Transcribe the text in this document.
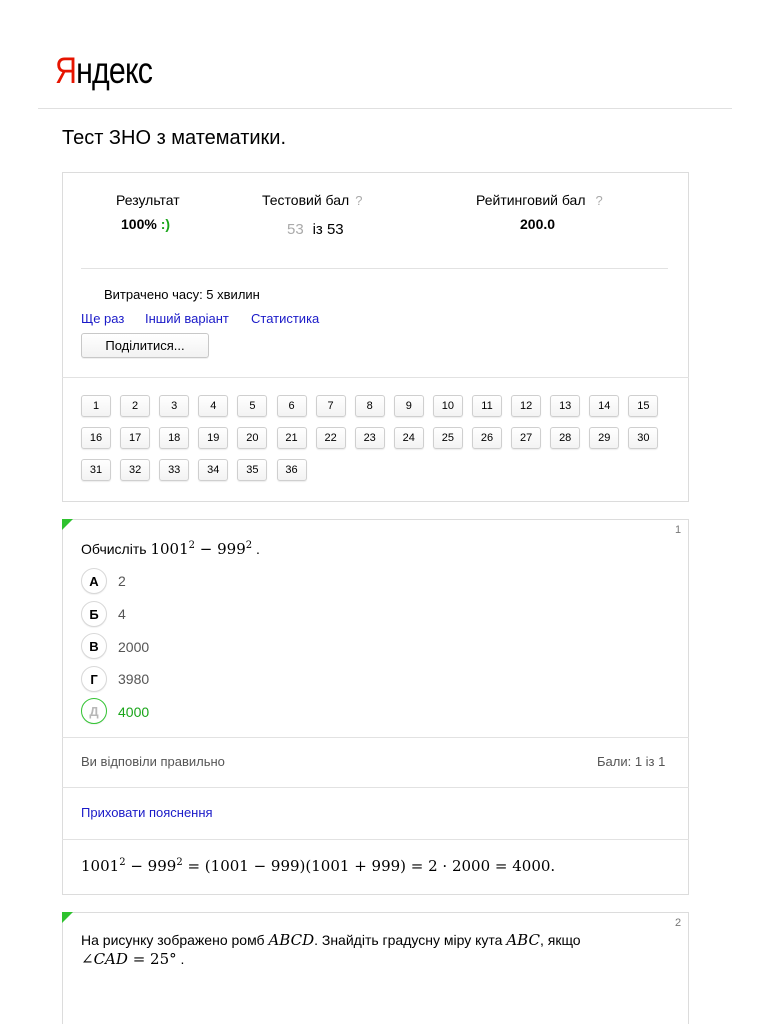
Яндекс
Тест ЗНО з математики.
Результат
100% :)
Тестовий бал ?
53 із 53
Рейтинговий бал ?
200.0
Витрачено часу: 5 хвилин
Ще раз Інший варіант Статистика
Поділитися...
1	2	3	4	5	6	7	8	9	10	11	12	13	14	15
16	17	18	19	20	21	22	23	24	25	26	27	28	29	30
31	32	33	34	35	36
1
Обчисліть $1001^2 - 999^2$ .
А	2
Б	4
В	2000
Г	3980
Д	4000
Ви відповіли правильно	Бали: 1 із 1
Приховати пояснення
$1001^2 - 999^2 = (1001 - 999)(1001 + 999) = 2 \cdot 2000 = 4000$.
2
На рисунку зображено ромб ABCD. Знайдіть градусну міру кута ABC, якщо
∠CAD = 25° .
